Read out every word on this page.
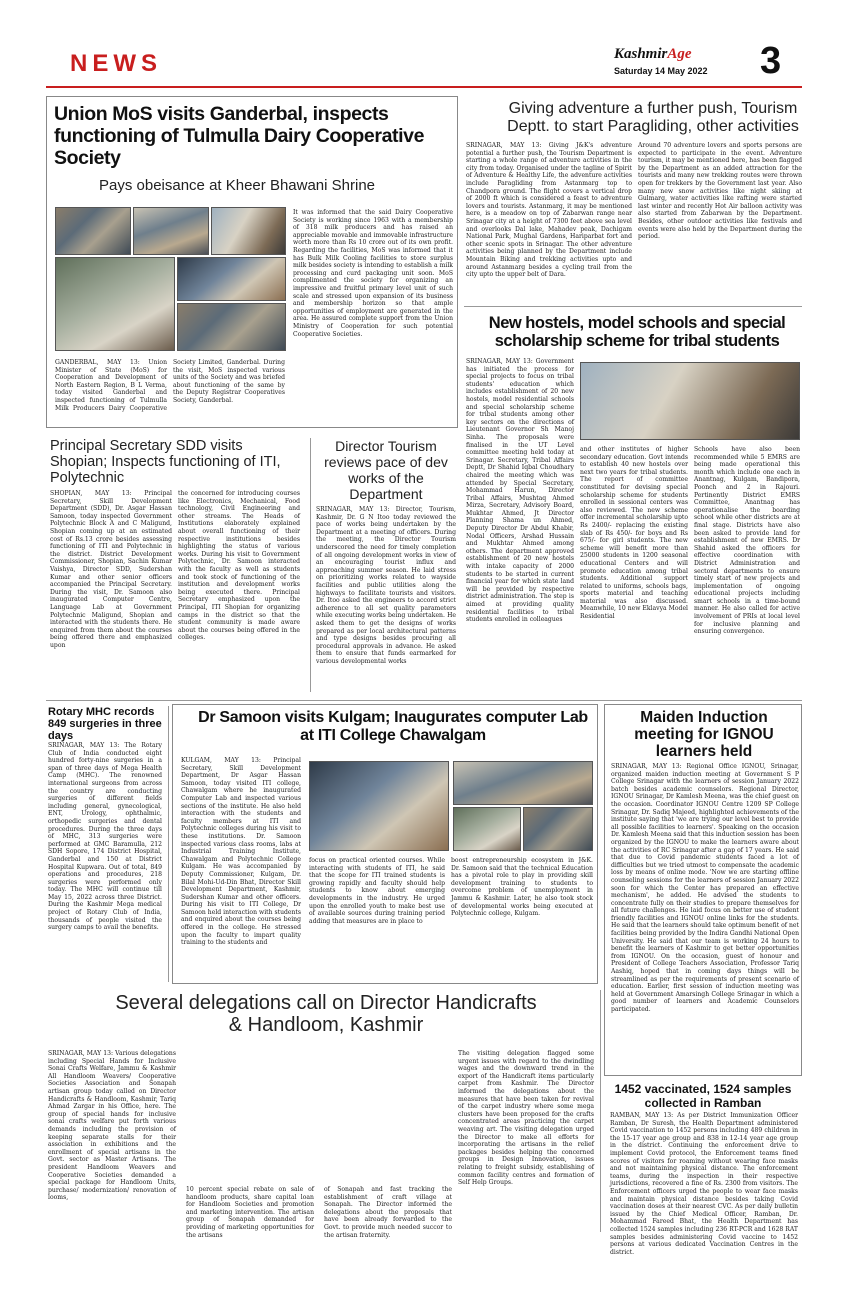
NEWS	KashmirAge
Saturday 14 May 2022 3
Union MoS visits Ganderbal, inspects functioning of Tulmulla Dairy Cooperative Society
Pays obeisance at Kheer Bhawani Shrine
GANDERBAL, MAY 13: Union Minister of State (MoS) for Cooperation and Development of North Eastern Region, B L Verma, today visited Ganderbal and inspected functioning of Tulmulla Milk Producers Dairy Cooperative Society Limited, Ganderbal. During the visit, MoS inspected various units of the Society and was briefed about functioning of the same by the Deputy Registrar Cooperatives Society, Ganderbal.
It was informed that the said Dairy Cooperative Society is working since 1963 with a membership of 318 milk producers and has raised an appreciable movable and immovable infrastructure worth more than Rs 10 crore out of its own profit. Regarding the facilities, MoS was informed that it has Bulk Milk Cooling facilities to store surplus milk besides society is intending to establish a milk processing and curd packaging unit soon. MoS complimented the society for organizing an impressive and fruitful primary level unit of such scale and stressed upon expansion of its business and membership horizon so that ample opportunities of employment are generated in the area. He assured complete support from the Union Ministry of Cooperation for such potential Cooperative Societies.
Giving adventure a further push, Tourism Deptt. to start Paragliding, other activities
SRINAGAR, MAY 13: Giving J&K's adventure potential a further push, the Tourism Department is starting a whole range of adventure activities in the city from today. Organised under the tagline of Spirit of Adventure & Healthy Life, the adventure activities include Paragliding from Astanmarg top to Chandpora ground. The flight covers a vertical drop of 2000 ft which is considered a feast to adventure lovers and tourists. Astanmarg, it may be mentioned here, is a meadow on top of Zabarwan range near Srinagar city at a height of 7300 feet above sea level and overlooks Dal lake, Mahadev peak, Dachigam National Park, Mughal Gardens, Hariparbat fort and other scenic spots in Srinagar. The other adventure activities being planned by the Department include Mountain Biking and trekking activities upto and around Astanmarg besides a cycling trail from the city upto the upper belt of Dara.
Around 70 adventure lovers and sports persons are expected to participate in the event. Adventure tourism, it may be mentioned here, has been flagged by the Department as an added attraction for the tourists and many new trekking routes were thrown open for trekkers by the Government last year. Also many new snow activities like night skiing at Gulmarg, water activities like rafting were started last winter and recently Hot Air balloon activity was also started from Zabarwan by the Department. Besides, other outdoor activities like festivals and events were also held by the Department during the period.
New hostels, model schools and special scholarship scheme for tribal students
SRINAGAR, MAY 13: Government has initiated the process for special projects to focus on tribal students' education which includes establishment of 20 new hostels, model residential schools and special scholarship scheme for tribal students among other key sectors on the directions of Lieutenant Governor Sh Manoj Sinha. The proposals were finalised in the UT Level committee meeting held today at Srinagar. Secretary, Tribal Affairs Deptt, Dr Shahid Iqbal Choudhary chaired the meeting which was attended by Special Secretary, Mohammad Harun, Director Tribal Affairs, Mushtaq Ahmed Mirza, Secretary, Advisory Board, Mukhtar Ahmed, Jt Director Planning Shama un Ahmed, Deputy Director Dr Abdul Khabir, Nodal Officers, Arshad Hussain and Mukhtar Ahmed among others. The department approved establishment of 20 new hostels with intake capacity of 2000 students to be started in current financial year for which state land will be provided by respective district administration. The step is aimed at providing quality residential facilities to tribal students enrolled in colleagues
and other institutes of higher secondary education. Govt intends to establish 40 new hostels over next two years for tribal students. The report of committee constituted for devising special scholarship scheme for students enrolled in sessional centers was also reviewed. The new scheme offer incremental scholarship upto Rs 2400/- replacing the existing slab of Rs 450/- for boys and Rs 675/- for girl students. The new scheme will benefit more than 25000 students in 1200 seasonal educational Centers and will promote education among tribal students. Additional support related to uniforms, schools bags, sports material and teaching material was also discussed. Meanwhile, 10 new Eklavya Model Residential
Schools have also been recommended while 5 EMRS are being made operational this month which include one each in Anantnag, Kulgam, Bandipora, Poonch and 2 in Rajouri. Pertinently District EMRS Committee, Anantnag has operationalise the boarding school while other districts are at final stage. Districts have also been asked to provide land for establishment of new EMRS. Dr Shahid asked the officers for effective coordination with District Administration and sectoral departments to ensure timely start of new projects and implementation of ongoing educational projects including smart schools in a time-bound manner. He also called for active involvement of PRIs at local level for inclusive planning and ensuring convergence.
Principal Secretary SDD visits Shopian; Inspects functioning of ITI, Polytechnic
SHOPIAN, MAY 13: Principal Secretary, Skill Development Department (SDD), Dr. Asgar Hassan Samoon, today inspected Government Polytechnic Block A and C Maligund, Shopian coming up at an estimated cost of Rs.13 crore besides assessing functioning of ITI and Polytechnic in the district. District Development Commissioner, Shopian, Sachin Kumar Vaishya, Director SDD, Sudershan Kumar and other senior officers accompanied the Principal Secretary. During the visit, Dr. Samoon also inaugurated Computer Centre, Language Lab at Government Polytechnic Maligund, Shopian and interacted with the students there. He enquired from them about the courses being offered there and emphasized upon
the concerned for introducing courses like Electronics, Mechanical, Food technology, Civil Engineering and other streams. The Heads of Institutions elaborately explained about overall functioning of their respective institutions besides highlighting the status of various works. During his visit to Government Polytechnic, Dr. Samoon interacted with the faculty as well as students and took stock of functioning of the institution and development works being executed there. Principal Secretary emphasized upon the Principal, ITI Shopian for organizing camps in the district so that the student community is made aware about the courses being offered in the colleges.
Director Tourism reviews pace of dev works of the Department
SRINAGAR, MAY 13: Director, Tourism, Kashmir, Dr. G N Itoo today reviewed the pace of works being undertaken by the Department at a meeting of officers. During the meeting, the Director Tourism underscored the need for timely completion of all ongoing development works in view of an encouraging tourist influx and approaching summer season. He laid stress on prioritizing works related to wayside facilities and public utilities along the highways to facilitate tourists and visitors. Dr. Itoo asked the engineers to accord strict adherence to all set quality parameters while executing works being undertaken. He asked them to get the designs of works prepared as per local architectural patterns and type designs besides procuring all procedural approvals in advance. He asked them to ensure that funds earmarked for various developmental works
Rotary MHC records 849 surgeries in three days
SRINAGAR, MAY 13: The Rotary Club of India conducted eight hundred forty-nine surgeries in a span of three days of Mega Health Camp (MHC). The renowned international surgeons from across the country are conducting surgeries of different fields including general, gynecological, ENT, Urology, ophthalmic, orthopedic surgeries and dental procedures. During the three days of MHC, 313 surgeries were performed at GMC Baramulla, 212 SDH Sopore, 174 District Hospital, Ganderbal and 150 at District Hospital Kupwara. Out of total, 849 operations and procedures, 218 surgeries were performed only today. The MHC will continue till May 15, 2022 across three District. During the Kashmir Mega medical project of Rotary Club of India, thousands of people visited the surgery camps to avail the benefits.
Dr Samoon visits Kulgam; Inaugurates computer Lab at ITI College Chawalgam
KULGAM, MAY 13: Principal Secretary, Skill Development Department, Dr Asgar Hassan Samoon, today visited ITI college, Chawalgam where he inaugurated Computer Lab and inspected various sections of the institute. He also held interaction with the students and faculty members at ITI and Polytechnic colleges during his visit to these institutions. Dr. Samoon inspected various class rooms, labs at Industrial Training Institute, Chawalgam and Polytechnic College Kulgam. He was accompanied by Deputy Commissioner, Kulgam, Dr. Bilal Mohi-Ud-Din Bhat, Director Skill Development Department, Kashmir, Sudershan Kumar and other officers. During his visit to ITI College, Dr Samoon held interaction with students and enquired about the courses being offered in the college. He stressed upon the faculty to impart quality training to the students and
focus on practical oriented courses. While interacting with students of ITI, he said that the scope for ITI trained students is growing rapidly and faculty should help students to know about emerging developments in the industry. He urged upon the enrolled youth to make best use of available sources during training period adding that measures are in place to
boost entrepreneurship ecosystem in J&K. Dr. Samoon said that the technical Education has a pivotal role to play in providing skill development training to students to overcome problem of unemployment in Jammu & Kashmir. Later, he also took stock of developmental works being executed at Polytechnic college, Kulgam.
Maiden Induction meeting for IGNOU learners held
SRINAGAR, MAY 13: Regional Office IGNOU, Srinagar, organized maiden induction meeting at Government S P College Srinagar with the learners of session January 2022 batch besides academic counselors. Regional Director, IGNOU Srinagar, Dr Kamlesh Meena, was the chief guest on the occasion. Coordinator IGNOU Centre 1209 SP College Srinagar, Dr. Sadiq Majeed, highlighted achievements of the institute saying that 'we are trying our level best to provide all possible facilities to learners'. Speaking on the occasion Dr. Kamlesh Meena said that this induction session has been organized by the IGNOU to make the learners aware about the activities of RC Srinagar after a gap of 17 years. He said that due to Covid pandemic students faced a lot of difficulties but we tried utmost to compensate the academic loss by means of online mode. 'Now we are starting offline counseling sessions for the learners of session January 2022 soon for which the Center has prepared an effective mechanism', he added. He advised the students to concentrate fully on their studies to prepare themselves for all future challenges. He laid focus on better use of student friendly facilities and IGNOU online links for the students. He said that the learners should take optimum benefit of net facilities being provided by the Indira Gandhi National Open University. He said that our team is working 24 hours to benefit the learners of Kashmir to get better opportunities from IGNOU. On the occasion, guest of honour and President of College Teachers Association, Professor Tariq Aashiq, hoped that in coming days things will be streamlined as per the requirements of present scenario of education. Earlier, first session of induction meeting was held at Government Amarsingh College Srinagar in which a good number of learners and Academic Counselors participated.
1452 vaccinated, 1524 samples collected in Ramban
RAMBAN, MAY 13: As per District Immunization Officer Ramban, Dr Suresh, the Health Department administered Covid vaccination to 1452 persons including 489 children in the 15-17 year age group and 838 in 12-14 year age group in the district. Continuing the enforcement drive to implement Covid protocol, the Enforcement teams fined scores of visitors for roaming without wearing face masks and not maintaining physical distance. The enforcement teams, during the inspection in their respective jurisdictions, recovered a fine of Rs. 2300 from visitors. The Enforcement officers urged the people to wear face masks and maintain physical distance besides taking Covid vaccination doses at their nearest CVC. As per daily bulletin issued by the Chief Medical Officer, Ramban, Dr. Mohammad Fareed Bhat, the Health Department has collected 1524 samples including 236 RT-PCR and 1628 RAT samples besides administering Covid vaccine to 1452 persons at various dedicated Vaccination Centres in the district.
Several delegations call on Director Handicrafts & Handloom, Kashmir
SRINAGAR, MAY 13: Various delegations including Special Hands for Inclusive Sonai Crafts Welfare, Jammu & Kashmir All Handloom Weavers/ Cooperative Societies Association and Sonapah artisan group today called on Director Handicrafts & Handloom, Kashmir, Tariq Ahmad Zargar in his Office, here. The group of special hands for inclusive sonai crafts welfare put forth various demands including the provision of keeping separate stalls for their association in exhibitions and the enrollment of special artisans in the Govt. sector as Master Artisans. The president Handloom Weavers and Cooperative Societies demanded a special package for Handloom Units, purchase/ modernization/ renovation of looms,
10 percent special rebate on sale of handloom products, share capital loan for Handloom Societies and promotion and marketing intervention. The artisan group of Sonapah demanded for providing of marketing opportunities for the artisans
of Sonapah and fast tracking the establishment of craft village at Sonapah. The Director informed the delegations about the proposals that have been already forwarded to the Govt. to provide much needed succor to the artisan fraternity.
The visiting delegation flagged some urgent issues with regard to the dwindling wages and the downward trend in the export of the Handicraft items particularly carpet from Kashmir. The Director informed the delegations about the measures that have been taken for revival of the carpet industry where some mega clusters have been proposed for the crafts concentrated areas practicing the carpet weaving art. The visiting delegation urged the Director to make all efforts for incorporating the artisans in the relief packages besides helping the concerned groups in Design Innovation, issues relating to freight subsidy, establishing of common facility centres and formation of Self Help Groups.
